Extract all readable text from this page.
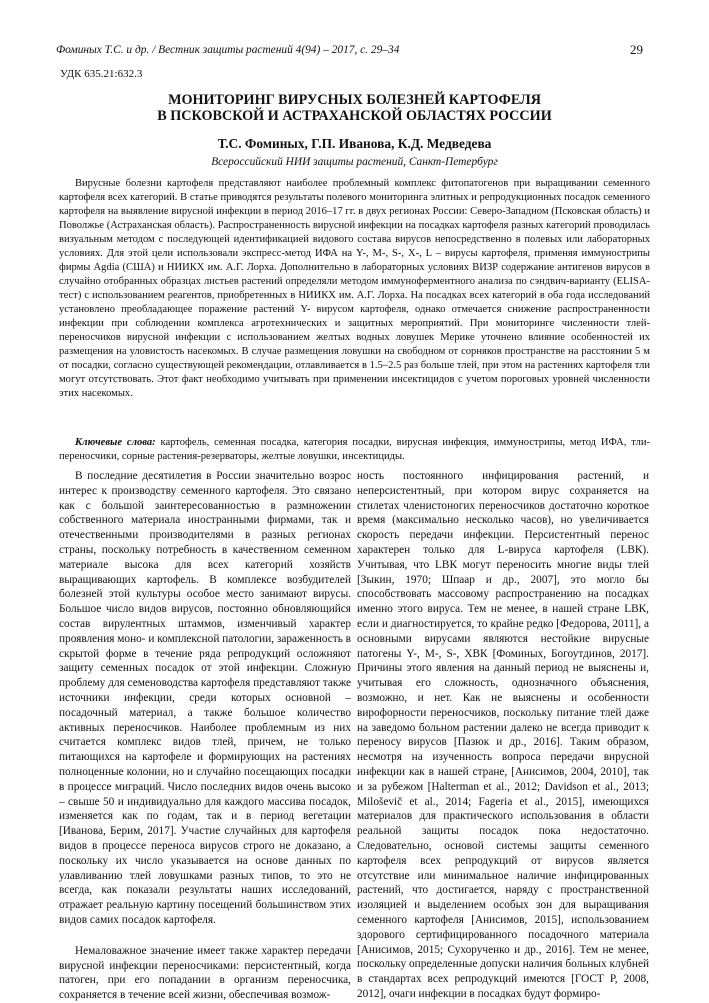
Фоминых Т.С. и др. / Вестник защиты растений 4(94) – 2017, с. 29–34	29
УДК 635.21:632.3
МОНИТОРИНГ ВИРУСНЫХ БОЛЕЗНЕЙ КАРТОФЕЛЯ
В ПСКОВСКОЙ И АСТРАХАНСКОЙ ОБЛАСТЯХ РОССИИ
Т.С. Фоминых, Г.П. Иванова, К.Д. Медведева
Всероссийский НИИ защиты растений, Санкт-Петербург

Вирусные болезни картофеля представляют наиболее проблемный комплекс фитопатогенов при выращивании семенного картофеля всех категорий. В статье приводятся результаты полевого мониторинга элитных и репродукционных посадок семенного картофеля на выявление вирусной инфекции в период 2016–17 гг. в двух регионах России: Северо-Западном (Псковская область) и Поволжье (Астраханская область). Распространенность вирусной инфекции на посадках картофеля разных категорий проводилась визуальным методом с последующей идентификацией видового состава вирусов непосредственно в полевых или лабораторных условиях. Для этой цели использовали экспресс-метод ИФА на Y-, M-, S-, X-, L – вирусы картофеля, применяя иммунострипы фирмы Agdia (США) и НИИКХ им. А.Г. Лорха. Дополнительно в лабораторных условиях ВИЗР содержание антигенов вирусов в случайно отобранных образцах листьев растений определяли методом иммуноферментного анализа по сэндвич-варианту (ELISA-тест) с использованием реагентов, приобретенных в НИИКХ им. А.Г. Лорха. На посадках всех категорий в оба года исследований установлено преобладающее поражение растений Y- вирусом картофеля, однако отмечается снижение распространенности инфекции при соблюдении комплекса агротехнических и защитных мероприятий. При мониторинге численности тлей-переносчиков вирусной инфекции с использованием желтых водных ловушек Мерике уточнено влияние особенностей их размещения на уловистость насекомых. В случае размещения ловушки на свободном от сорняков пространстве на расстоянии 5 м от посадки, согласно существующей рекомендации, отлавливается в 1.5–2.5 раз больше тлей, при этом на растениях картофеля тли могут отсутствовать. Этот факт необходимо учитывать при применении инсектицидов с учетом пороговых уровней численности этих насекомых.

Ключевые слова: картофель, семенная посадка, категория посадки, вирусная инфекция, иммунострипы, метод ИФА, тли-переносчики, сорные растения-резерваторы, желтые ловушки, инсектициды.

В последние десятилетия в России значительно возрос интерес к производству семенного картофеля. Это связано как с большой заинтересованностью в размножении собственного материала иностранными фирмами, так и отечественными производителями в разных регионах страны, поскольку потребность в качественном семенном материале высока для всех категорий хозяйств выращивающих картофель. В комплексе возбудителей болезней этой культуры особое место занимают вирусы. Большое число видов вирусов, постоянно обновляющийся состав вирулентных штаммов, изменчивый характер проявления моно- и комплексной патологии, зараженность в скрытой форме в течение ряда репродукций осложняют защиту семенных посадок от этой инфекции. Сложную проблему для семеноводства картофеля представляют также источники инфекции, среди которых основной – посадочный материал, а также большое количество активных переносчиков. Наиболее проблемным из них считается комплекс видов тлей, причем, не только питающихся на картофеле и формирующих на растениях полноценные колонии, но и случайно посещающих посадки в процессе миграций. Число последних видов очень высоко – свыше 50 и индивидуально для каждого массива посадок, изменяется как по годам, так и в период вегетации [Иванова, Берим, 2017]. Участие случайных для картофеля видов в процессе переноса вирусов строго не доказано, а поскольку их число указывается на основе данных по улавливанию тлей ловушками разных типов, то это не всегда, как показали результаты наших исследований, отражает реальную картину посещений большинством этих видов самих посадок картофеля.

Немаловажное значение имеет также характер передачи вирусной инфекции переносчиками: персистентный, когда патоген, при его попадании в организм переносчика, сохраняется в течение всей жизни, обеспечивая возмож-

ность постоянного инфицирования растений, и неперсистентный, при котором вирус сохраняется на стилетах члениcтоногих переносчиков достаточно короткое время (максимально несколько часов), но увеличивается скорость передачи инфекции. Персистентный перенос характерен только для L-вируса картофеля (LВК). Учитывая, что LВК могут переносить многие виды тлей [Зыкин, 1970; Шпаар и др., 2007], это могло бы способствовать массовому распространению на посадках именно этого вируса. Тем не менее, в нашей стране LВК, если и диагностируется, то крайне редко [Федорова, 2011], а основными вирусами являются нестойкие вирусные патогены Y-, M-, S-, ХВК [Фоминых, Богоутдинов, 2017]. Причины этого явления на данный период не выяснены и, учитывая его сложность, однозначного объяснения, возможно, и нет. Как не выяснены и особенности вирофорности переносчиков, поскольку питание тлей даже на заведомо больном растении далеко не всегда приводит к переносу вирусов [Пазюк и др., 2016]. Таким образом, несмотря на изученность вопроса передачи вирусной инфекции как в нашей стране, [Анисимов, 2004, 2010], так и за рубежом [Halterman et al., 2012; Davidson et al., 2013; Miloševič et al., 2014; Fageria et al., 2015], имеющихся материалов для практического использования в области реальной защиты посадок пока недостаточно. Следовательно, основой системы защиты семенного картофеля всех репродукций от вирусов является отсутствие или минимальное наличие инфицированных растений, что достигается, наряду с пространственной изоляцией и выделением особых зон для выращивания семенного картофеля [Анисимов, 2015], использованием здорового сертифицированного посадочного материала [Анисимов, 2015; Сухорученко и др., 2016]. Тем не менее, поскольку определенные допуски наличия больных клубней в стандартах всех репродукций имеются [ГОСТ Р, 2008, 2012], очаги инфекции в посадках будут формиро-
